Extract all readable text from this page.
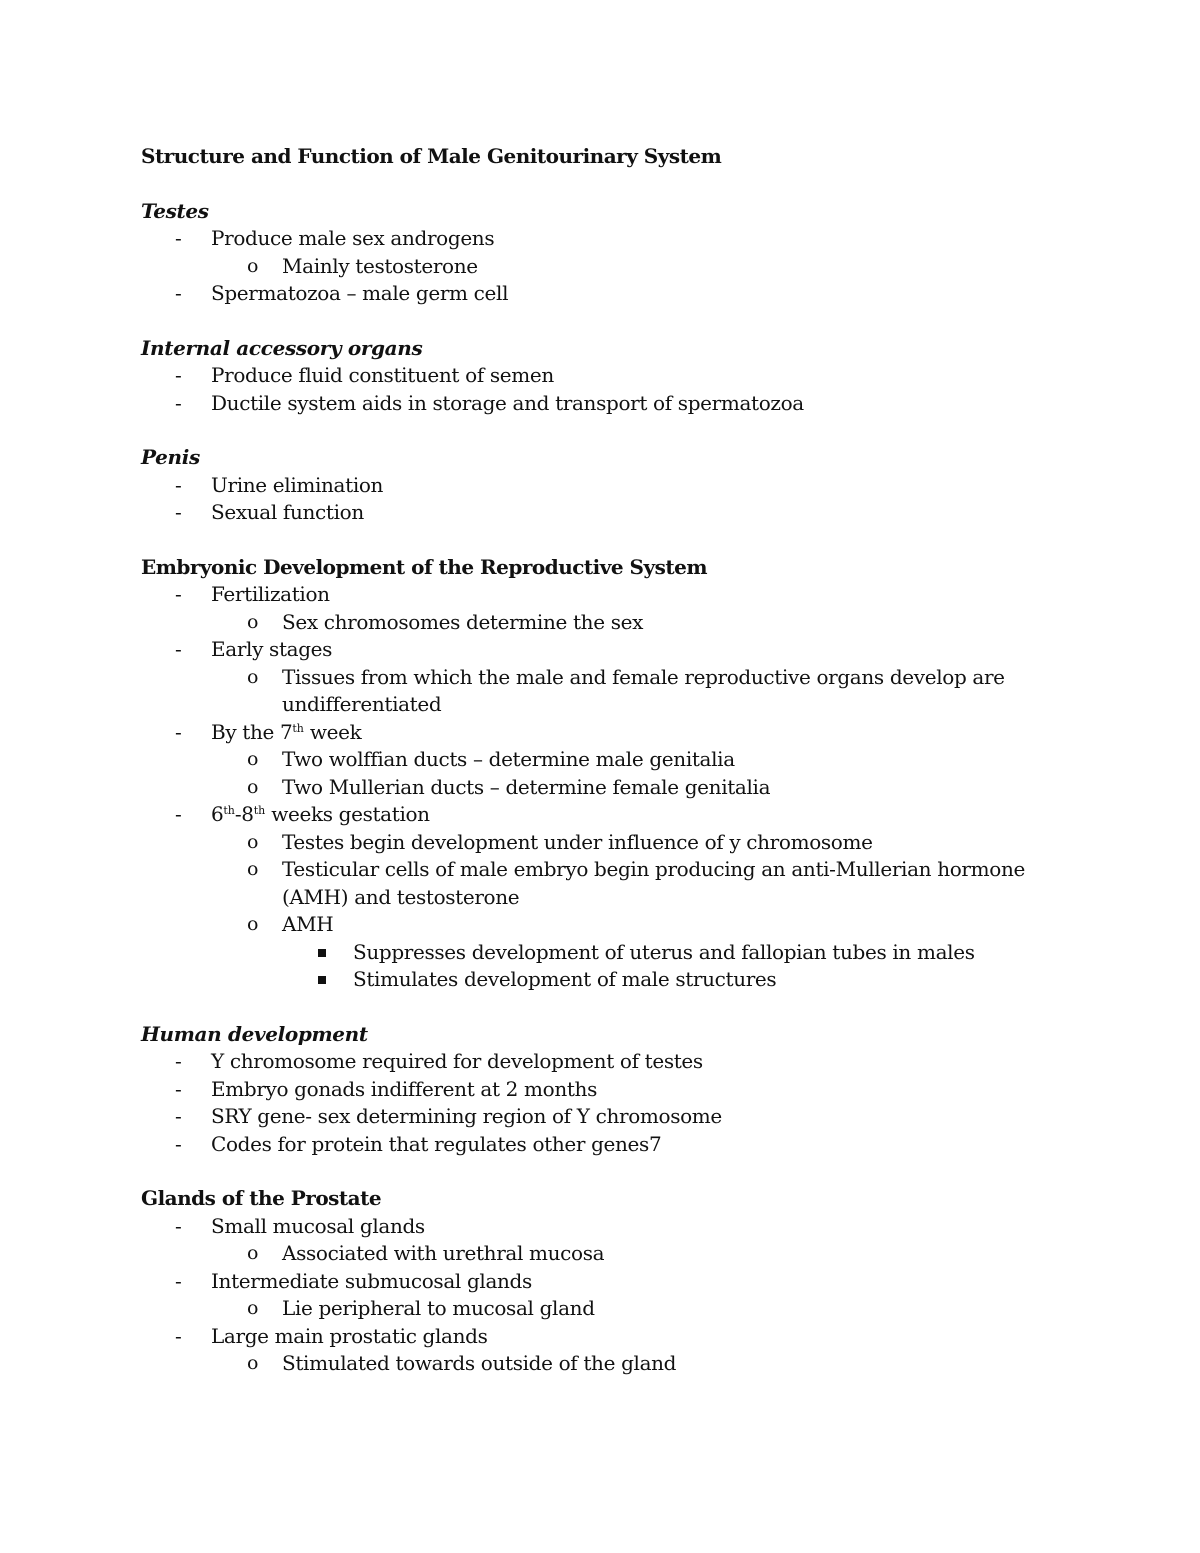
Structure and Function of Male Genitourinary System

Testes

- Produce male sex androgens
o Mainly testosterone
- Spermatozoa – male germ cell

Internal accessory organs

- Produce fluid constituent of semen
- Ductile system aids in storage and transport of spermatozoa

Penis

- Urine elimination
- Sexual function

Embryonic Development of the Reproductive System

- Fertilization
o Sex chromosomes determine the sex
- Early stages
o Tissues from which the male and female reproductive organs develop are undifferentiated
- By the 7th week
o Two wolffian ducts – determine male genitalia
o Two Mullerian ducts – determine female genitalia
- 6th-8th weeks gestation
o Testes begin development under influence of y chromosome
o Testicular cells of male embryo begin producing an anti-Mullerian hormone (AMH) and testosterone
o AMH
Suppresses development of uterus and fallopian tubes in males
Stimulates development of male structures

Human development

- Y chromosome required for development of testes
- Embryo gonads indifferent at 2 months
- SRY gene- sex determining region of Y chromosome
- Codes for protein that regulates other genes7

Glands of the Prostate

- Small mucosal glands
o Associated with urethral mucosa
- Intermediate submucosal glands
o Lie peripheral to mucosal gland
- Large main prostatic glands
o Stimulated towards outside of the gland
